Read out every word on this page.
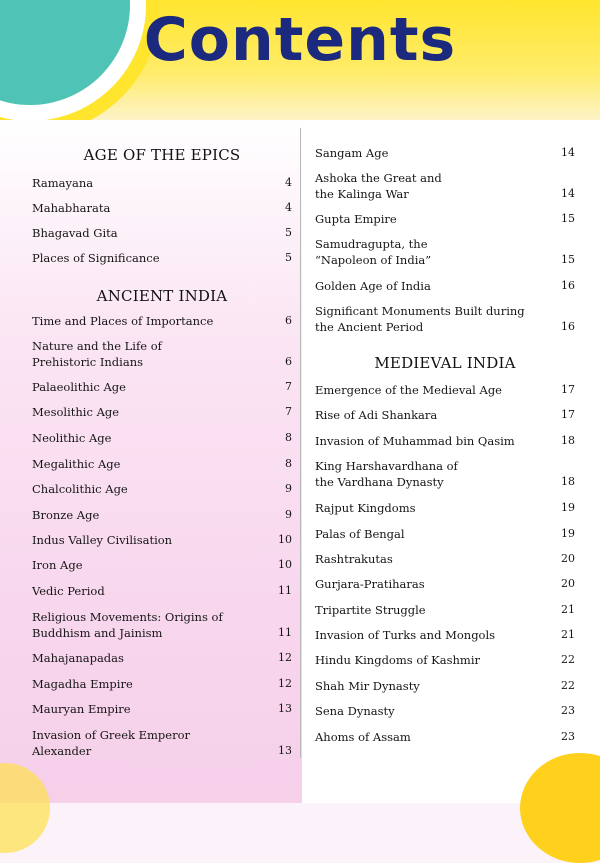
Contents
AGE OF THE EPICS
Ramayana	4
Mahabharata	4
Bhagavad Gita	5
Places of Significance	5
ANCIENT INDIA
Time and Places of Importance	6
Nature and the Life of
Prehistoric Indians	6
Palaeolithic Age	7
Mesolithic Age	7
Neolithic Age	8
Megalithic Age	8
Chalcolithic Age	9
Bronze Age	9
Indus Valley Civilisation	10
Iron Age	10
Vedic Period	11
Religious Movements: Origins of
Buddhism and Jainism	11
Mahajanapadas	12
Magadha Empire	12
Mauryan Empire	13
Invasion of Greek Emperor
Alexander	13
Sangam Age	14
Ashoka the Great and
the Kalinga War	14
Gupta Empire	15
Samudragupta, the
“Napoleon of India”	15
Golden Age of India	16
Significant Monuments Built during
the Ancient Period	16
MEDIEVAL INDIA
Emergence of the Medieval Age	17
Rise of Adi Shankara	17
Invasion of Muhammad bin Qasim	18
King Harshavardhana of
the Vardhana Dynasty	18
Rajput Kingdoms	19
Palas of Bengal	19
Rashtrakutas	20
Gurjara-Pratiharas	20
Tripartite Struggle	21
Invasion of Turks and Mongols	21
Hindu Kingdoms of Kashmir	22
Shah Mir Dynasty	22
Sena Dynasty	23
Ahoms of Assam	23
